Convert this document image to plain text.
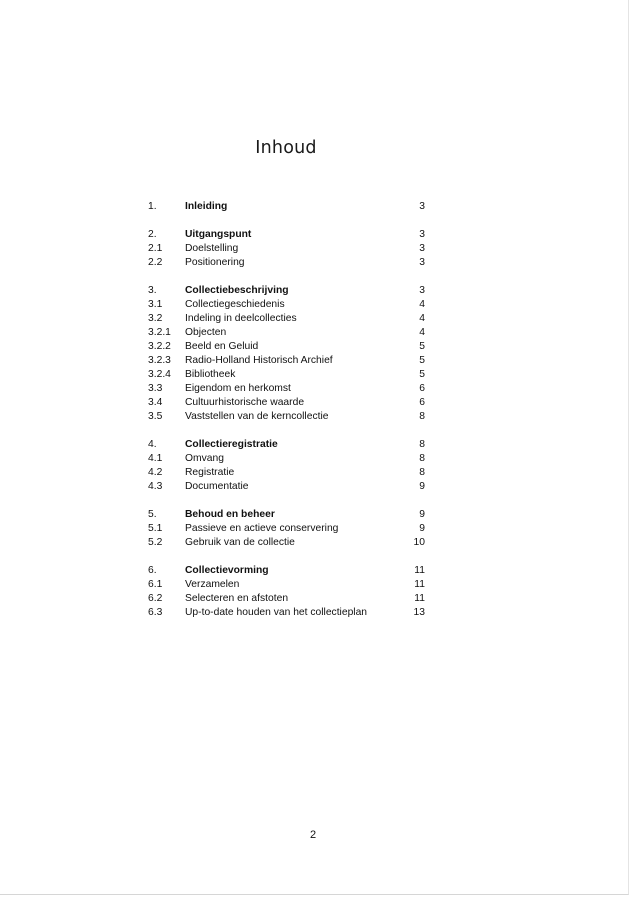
Inhoud
1.	Inleiding	3
2.	Uitgangspunt	3
2.1 Doelstelling	3
2.2 Positionering	3
3.	Collectiebeschrijving	3
3.1 Collectiegeschiedenis	4
3.2 Indeling in deelcollecties	4
3.2.1 Objecten	4
3.2.2 Beeld en Geluid	5
3.2.3 Radio-Holland Historisch Archief	5
3.2.4 Bibliotheek	5
3.3 Eigendom en herkomst	6
3.4 Cultuurhistorische waarde	6
3.5 Vaststellen van de kerncollectie	8
4.	Collectieregistratie	8
4.1 Omvang	8
4.2 Registratie	8
4.3 Documentatie	9
5.	Behoud en beheer	9
5.1 Passieve en actieve conservering	9
5.2 Gebruik van de collectie	10
6.	Collectievorming	11
6.1 Verzamelen	11
6.2 Selecteren en afstoten	11
6.3 Up-to-date houden van het collectieplan	13
2
